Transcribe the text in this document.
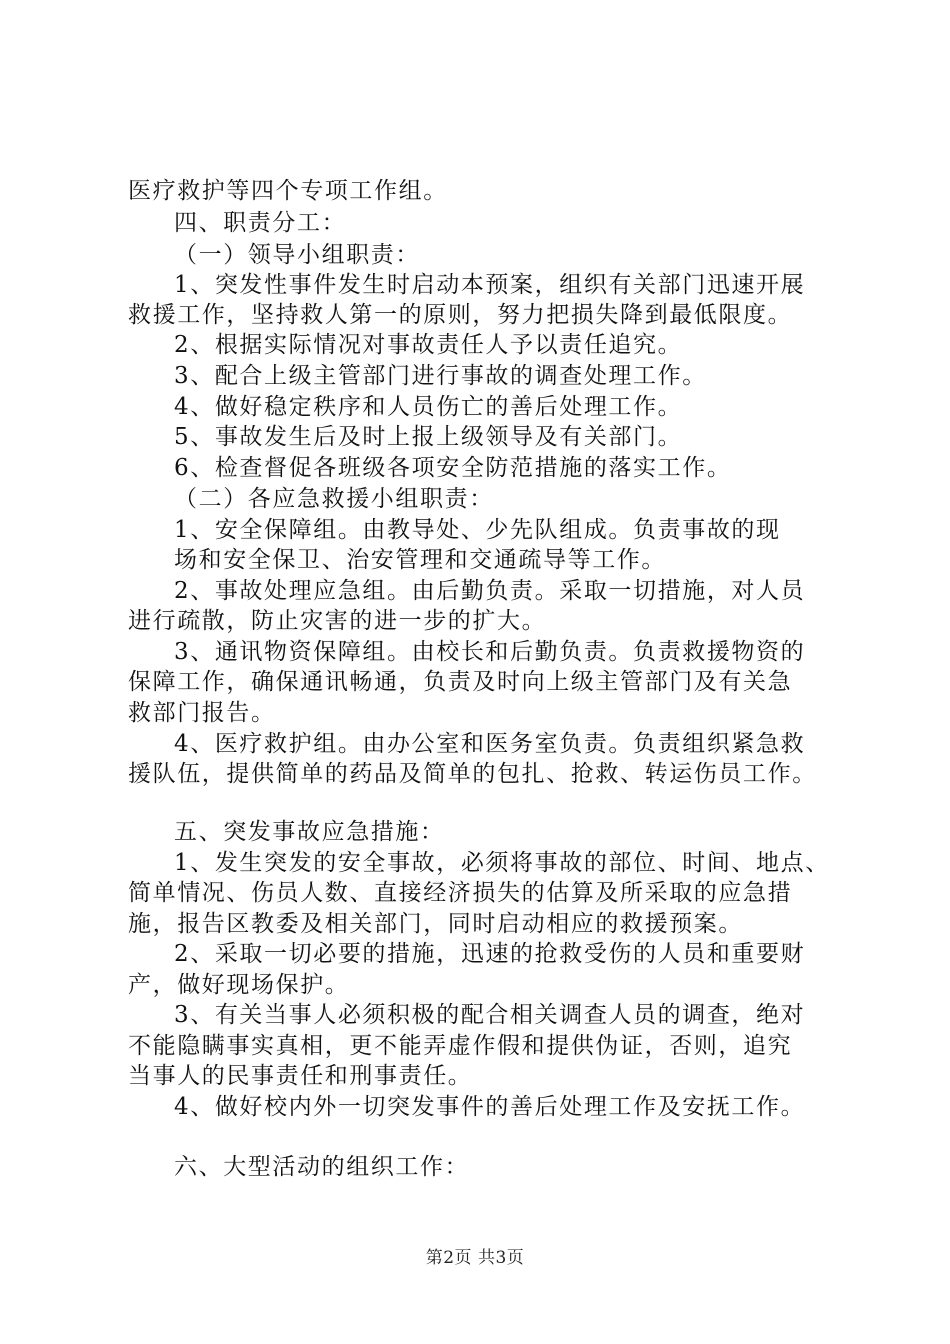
医疗救护等四个专项工作组。
四、职责分工：
（一）领导小组职责：
1、突发性事件发生时启动本预案，组织有关部门迅速开展
救援工作，坚持救人第一的原则，努力把损失降到最低限度。
2、根据实际情况对事故责任人予以责任追究。
3、配合上级主管部门进行事故的调查处理工作。
4、做好稳定秩序和人员伤亡的善后处理工作。
5、事故发生后及时上报上级领导及有关部门。
6、检查督促各班级各项安全防范措施的落实工作。
（二）各应急救援小组职责：
1、安全保障组。由教导处、少先队组成。负责事故的现
场和安全保卫、治安管理和交通疏导等工作。
2、事故处理应急组。由后勤负责。采取一切措施，对人员
进行疏散，防止灾害的进一步的扩大。
3、通讯物资保障组。由校长和后勤负责。负责救援物资的
保障工作，确保通讯畅通，负责及时向上级主管部门及有关急
救部门报告。
4、医疗救护组。由办公室和医务室负责。负责组织紧急救
援队伍，提供简单的药品及简单的包扎、抢救、转运伤员工作。
五、突发事故应急措施：
1、发生突发的安全事故，必须将事故的部位、时间、地点、
简单情况、伤员人数、直接经济损失的估算及所采取的应急措
施，报告区教委及相关部门，同时启动相应的救援预案。
2、采取一切必要的措施，迅速的抢救受伤的人员和重要财
产，做好现场保护。
3、有关当事人必须积极的配合相关调查人员的调查，绝对
不能隐瞒事实真相，更不能弄虚作假和提供伪证，否则，追究
当事人的民事责任和刑事责任。
4、做好校内外一切突发事件的善后处理工作及安抚工作。
六、大型活动的组织工作：
第2页 共3页
